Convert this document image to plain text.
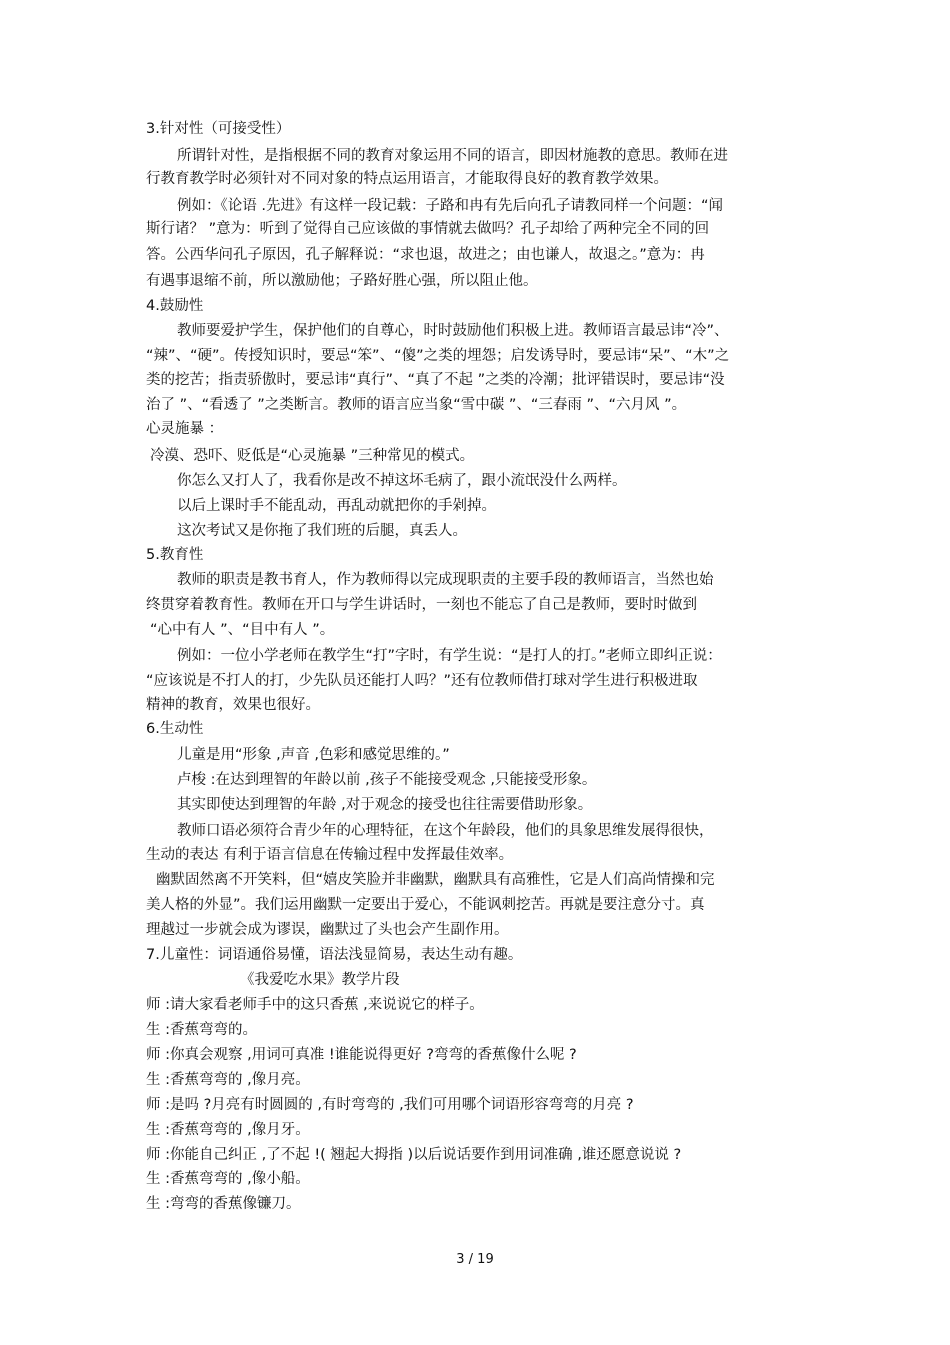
3.针对性（可接受性）
所谓针对性，是指根据不同的教育对象运用不同的语言，即因材施教的意思。教师在进
行教育教学时必须针对不同对象的特点运用语言，才能取得良好的教育教学效果。
例如：《论语 .先进》有这样一段记载：子路和冉有先后向孔子请教同样一个问题：“闻
斯行诸？ ”意为：听到了觉得自己应该做的事情就去做吗？孔子却给了两种完全不同的回
答。公西华问孔子原因，孔子解释说：“求也退，故进之；由也谦人，故退之。”意为：冉
有遇事退缩不前，所以激励他；子路好胜心强，所以阻止他。
4.鼓励性
教师要爱护学生，保护他们的自尊心，时时鼓励他们积极上进。教师语言最忌讳“冷”、
“辣”、“硬”。传授知识时，要忌“笨”、“傻”之类的埋怨；启发诱导时，要忌讳“呆”、“木”之
类的挖苦；指责骄傲时，要忌讳“真行”、“真了不起 ”之类的冷潮；批评错误时，要忌讳“没
治了 ”、“看透了 ”之类断言。教师的语言应当象“雪中碳 ”、“三春雨 ”、“六月风 ”。
心灵施暴 ：
冷漠、恐吓、贬低是“心灵施暴 ”三种常见的模式。
你怎么又打人了，我看你是改不掉这坏毛病了，跟小流氓没什么两样。
以后上课时手不能乱动，再乱动就把你的手剁掉。
这次考试又是你拖了我们班的后腿，真丢人。
5.教育性
教师的职责是教书育人，作为教师得以完成现职责的主要手段的教师语言，当然也始
终贯穿着教育性。教师在开口与学生讲话时，一刻也不能忘了自己是教师，要时时做到
“心中有人 ”、“目中有人 ”。
例如：一位小学老师在教学生“打”字时，有学生说：“是打人的打。”老师立即纠正说：
“应该说是不打人的打，少先队员还能打人吗？”还有位教师借打球对学生进行积极进取
精神的教育，效果也很好。
6.生动性
儿童是用“形象 ,声音 ,色彩和感觉思维的。”
卢梭 :在达到理智的年龄以前 ,孩子不能接受观念 ,只能接受形象。
其实即使达到理智的年龄 ,对于观念的接受也往往需要借助形象。
教师口语必须符合青少年的心理特征，在这个年龄段，他们的具象思维发展得很快，
生动的表达 有利于语言信息在传输过程中发挥最佳效率。
幽默固然离不开笑料，但“嬉皮笑脸并非幽默，幽默具有高雅性，它是人们高尚情操和完
美人格的外显”。我们运用幽默一定要出于爱心，不能讽刺挖苦。再就是要注意分寸。真
理越过一步就会成为谬误，幽默过了头也会产生副作用。
7.儿童性：词语通俗易懂，语法浅显简易，表达生动有趣。
《我爱吃水果》教学片段
师 :请大家看老师手中的这只香蕉 ,来说说它的样子。
生 :香蕉弯弯的。
师 :你真会观察 ,用词可真准 !谁能说得更好 ?弯弯的香蕉像什么呢 ?
生 :香蕉弯弯的 ,像月亮。
师 :是吗 ?月亮有时圆圆的 ,有时弯弯的 ,我们可用哪个词语形容弯弯的月亮 ?
生 :香蕉弯弯的 ,像月牙。
师 :你能自己纠正 ,了不起 !( 翘起大拇指 )以后说话要作到用词准确 ,谁还愿意说说 ?
生 :香蕉弯弯的 ,像小船。
生 :弯弯的香蕉像镰刀。
3 / 19
